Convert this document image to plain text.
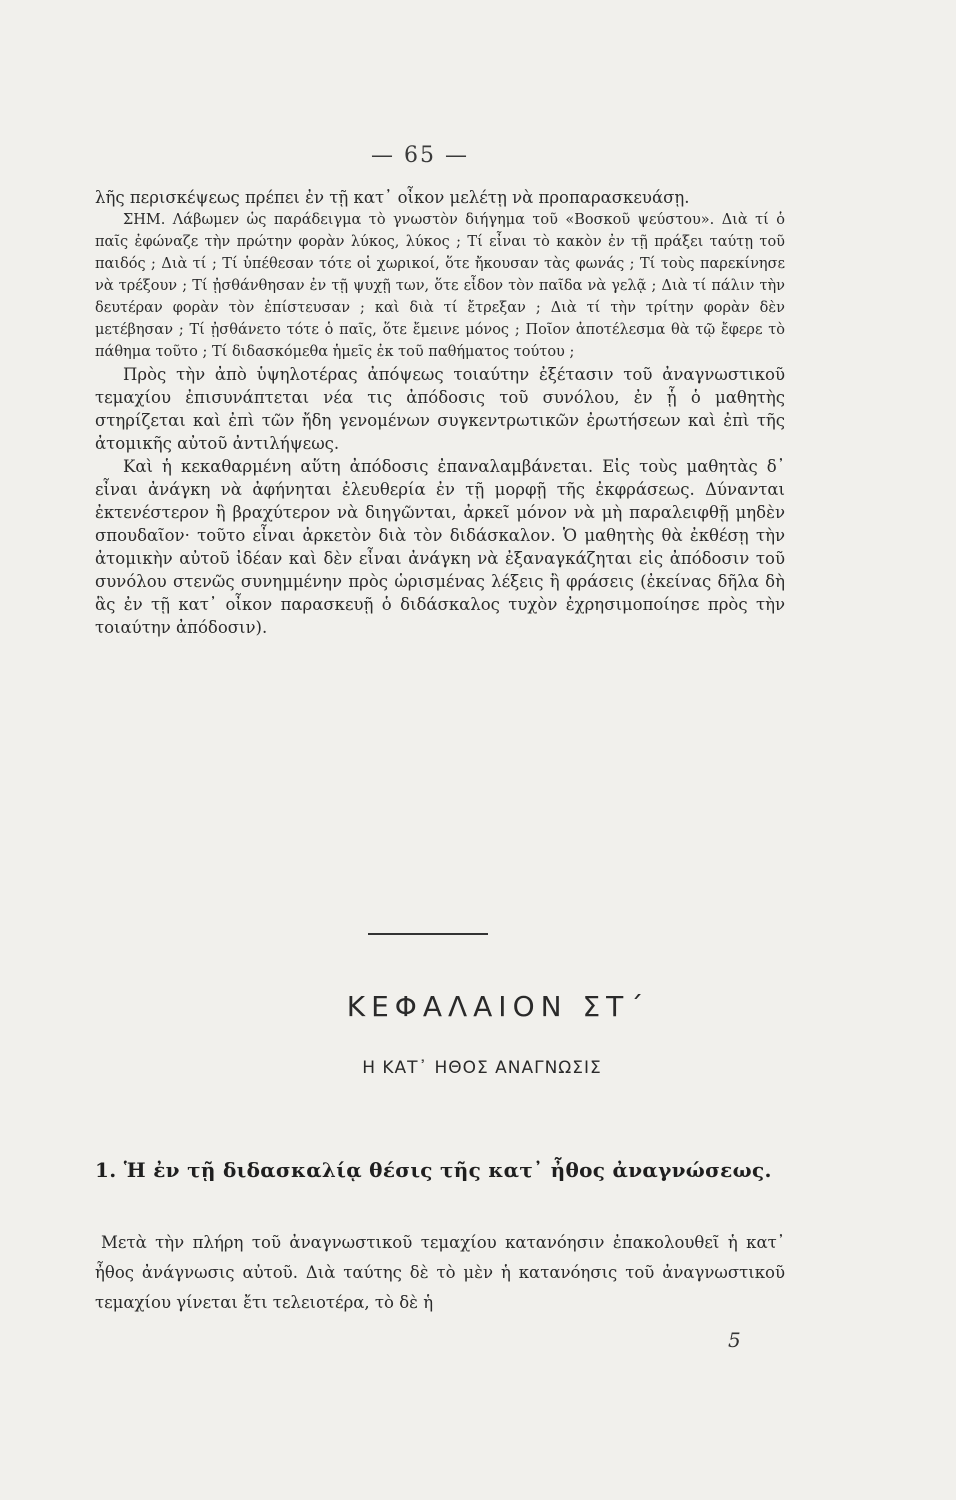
— 65 —

λῆς περισκέψεως πρέπει ἐν τῇ κατ᾽ οἶκον μελέτῃ νὰ προπαρασκευάσῃ.

ΣΗΜ. Λάβωμεν ὡς παράδειγμα τὸ γνωστὸν διήγημα τοῦ «Βοσκοῦ ψεύστου». Διὰ τί ὁ παῖς ἐφώναζε τὴν πρώτην φορὰν λύκος, λύκος ; Τί εἶναι τὸ κακὸν ἐν τῇ πράξει ταύτῃ τοῦ παιδός ; Διὰ τί ; Τί ὑπέθεσαν τότε οἱ χωρικοί, ὅτε ἤκουσαν τὰς φωνάς ; Τί τοὺς παρεκίνησε νὰ τρέξουν ; Τί ᾐσθάνθησαν ἐν τῇ ψυχῇ των, ὅτε εἶδον τὸν παῖδα νὰ γελᾷ ; Διὰ τί πάλιν τὴν δευτέραν φορὰν τὸν ἐπίστευσαν ; καὶ διὰ τί ἔτρεξαν ; Διὰ τί τὴν τρίτην φορὰν δὲν μετέβησαν ; Τί ᾐσθάνετο τότε ὁ παῖς, ὅτε ἔμεινε μόνος ; Ποῖον ἀποτέλεσμα θὰ τῷ ἔφερε τὸ πάθημα τοῦτο ; Τί διδασκόμεθα ἡμεῖς ἐκ τοῦ παθήματος τούτου ;

Πρὸς τὴν ἀπὸ ὑψηλοτέρας ἀπόψεως τοιαύτην ἐξέτασιν τοῦ ἀναγνωστικοῦ τεμαχίου ἐπισυνάπτεται νέα τις ἀπόδοσις τοῦ συνόλου, ἐν ᾗ ὁ μαθητὴς στηρίζεται καὶ ἐπὶ τῶν ἤδη γενομένων συγκεντρωτικῶν ἐρωτήσεων καὶ ἐπὶ τῆς ἀτομικῆς αὐτοῦ ἀντιλήψεως.

Καὶ ἡ κεκαθαρμένη αὕτη ἀπόδοσις ἐπαναλαμβάνεται. Εἰς τοὺς μαθητὰς δ᾽ εἶναι ἀνάγκη νὰ ἀφήνηται ἐλευθερία ἐν τῇ μορφῇ τῆς ἐκφράσεως. Δύνανται ἐκτενέστερον ἢ βραχύτερον νὰ διηγῶνται, ἀρκεῖ μόνον νὰ μὴ παραλειφθῇ μηδὲν σπουδαῖον· τοῦτο εἶναι ἀρκετὸν διὰ τὸν διδάσκαλον. Ὁ μαθητὴς θὰ ἐκθέσῃ τὴν ἀτομικὴν αὐτοῦ ἰδέαν καὶ δὲν εἶναι ἀνάγκη νὰ ἐξαναγκάζηται εἰς ἀπόδοσιν τοῦ συνόλου στενῶς συνημμένην πρὸς ὡρισμένας λέξεις ἢ φράσεις (ἐκείνας δῆλα δὴ ἃς ἐν τῇ κατ᾽ οἶκον παρασκευῇ ὁ διδάσκαλος τυχὸν ἐχρησιμοποίησε πρὸς τὴν τοιαύτην ἀπόδοσιν).

ΚΕΦΑΛΑΙΟΝ ΣΤ΄
Η ΚΑΤ᾽ ΗΘΟΣ ΑΝΑΓΝΩΣΙΣ
1. Ἡ ἐν τῇ διδασκαλίᾳ θέσις τῆς κατ᾽ ἦθος ἀναγνώσεως.
Μετὰ τὴν πλήρη τοῦ ἀναγνωστικοῦ τεμαχίου κατανόησιν ἐπακολουθεῖ ἡ κατ᾽ ἦθος ἀνάγνωσις αὐτοῦ. Διὰ ταύτης δὲ τὸ μὲν ἡ κατανόησις τοῦ ἀναγνωστικοῦ τεμαχίου γίνεται ἔτι τελειοτέρα, τὸ δὲ ἡ
5
